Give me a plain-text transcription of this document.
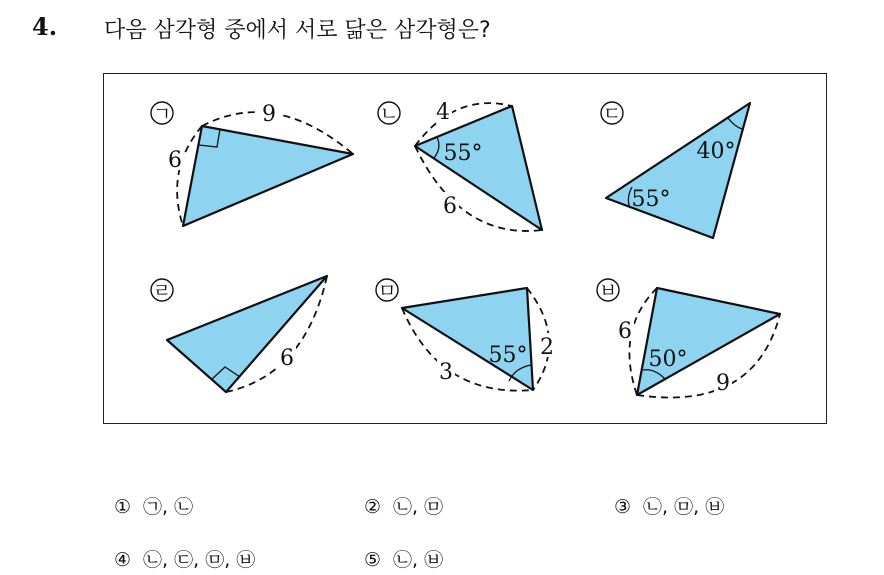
4. 다음 삼각형 중에서 서로 닮은 삼각형은?
ㄱ	9
6
ㄴ 4
55°
6
ㄷ
40°
55°
ㄹ
6
ㅁ
55° 2
3
ㅂ
6
50°
9
① ㉠, ㉡	② ㉡, ㉤	③ ㉡, ㉤, ㉥
④ ㉡, ㉢, ㉤, ㉥	⑤ ㉡, ㉥
